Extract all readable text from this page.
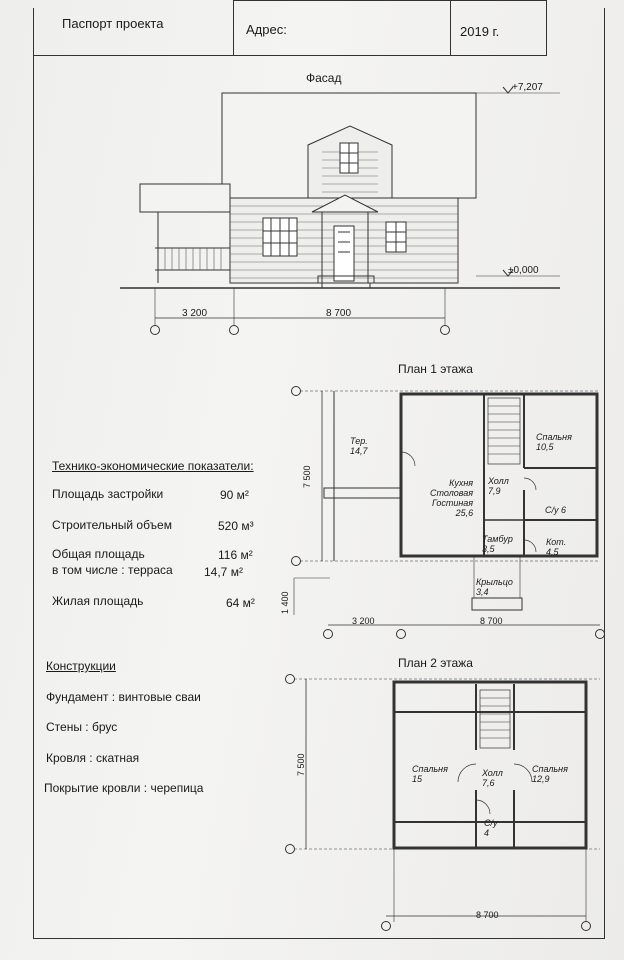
Паспорт проекта	Адрес:	2019 г.
Фасад
+7,207
±0,000
3 200	8 700
План 1 этажа
7 500
1 400
3 200	8 700
Тер.
14,7
Спальня
10,5
Холл
7,9
Кухня
Столовая
Гостиная
25,6	С/у 6
Тамбур
3,5
Кот.
4,5
Крыльцо
3,4
План 2 этажа
7 500
8 700
Спальня
15
Холл
7,6
Спальня
12,9
С/у
4
Технико-экономические показатели:
Площадь застройки	90 м²
Строительный объем	520 м³
Общая площадь	116 м²
в том числе : терраса	14,7 м²
Жилая площадь	64 м²
Конструкции
Фундамент : винтовые сваи
Стены : брус
Кровля : скатная
Покрытие кровли : черепица
